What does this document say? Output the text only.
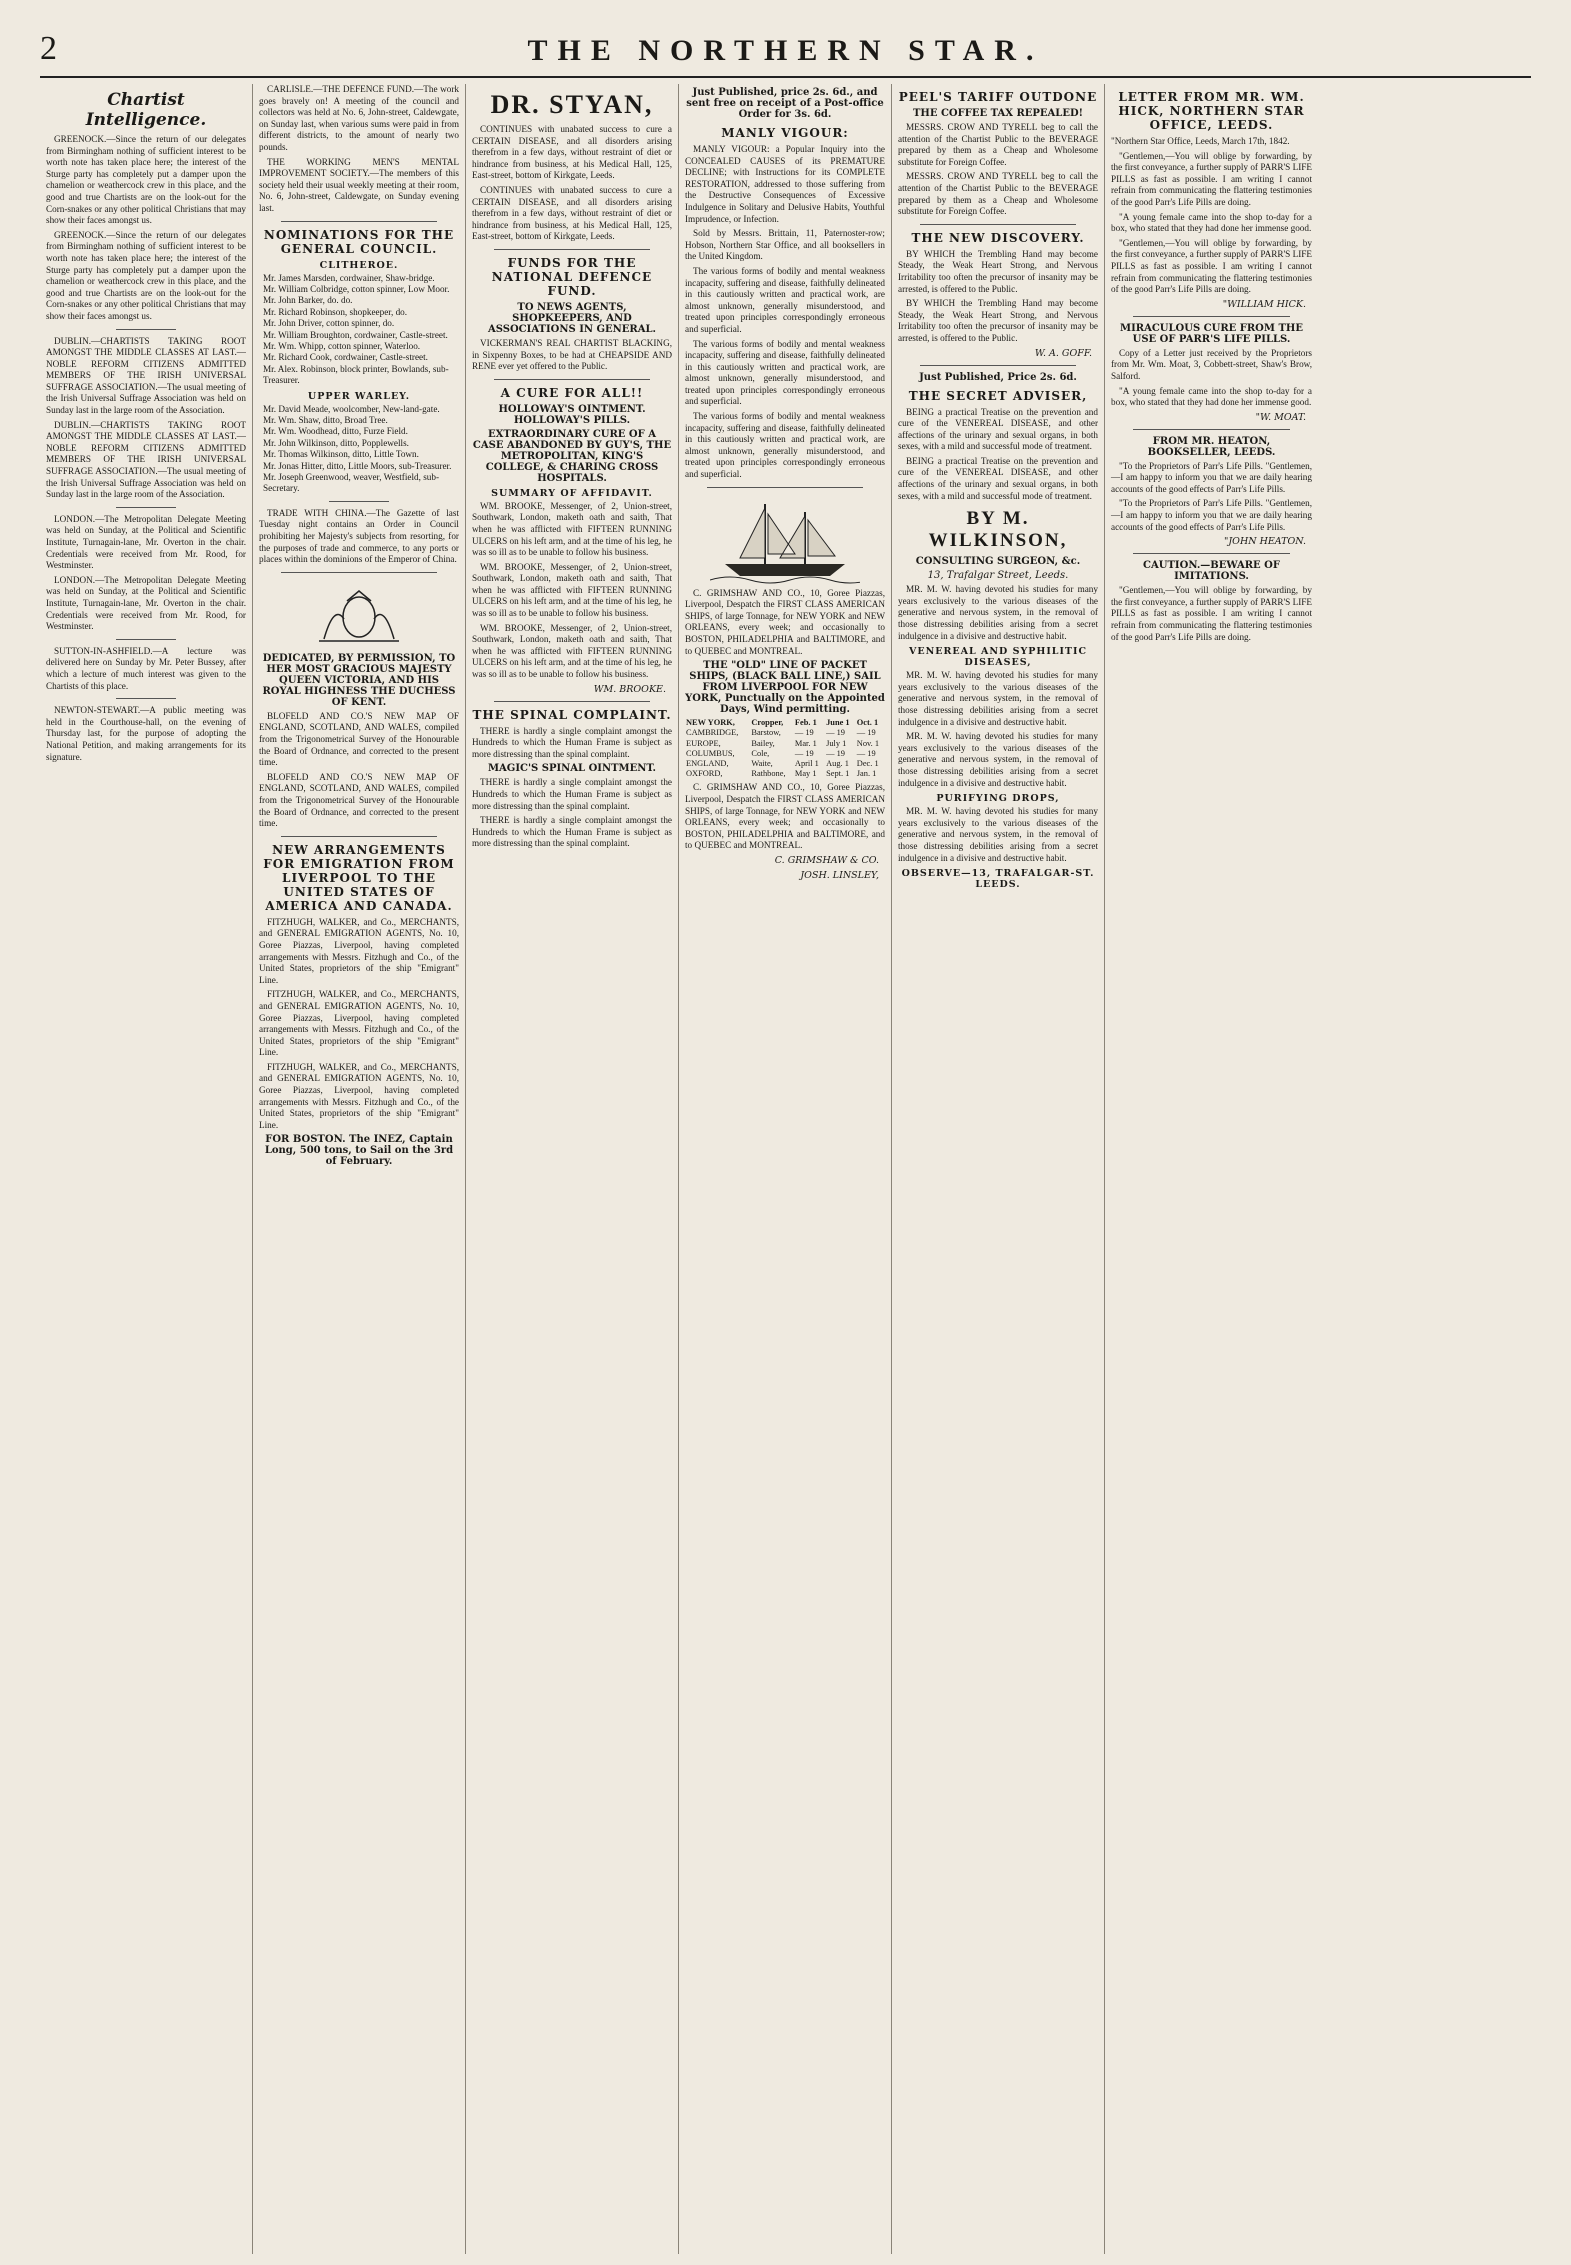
2	THE NORTHERN STAR.
Chartist Intelligence.

GREENOCK.—Since the return of our delegates from Birmingham nothing of sufficient interest to be worth note has taken place here; the interest of the Sturge party has completely put a damper upon the chamelion or weathercock crew in this place, and the good and true Chartists are on the look-out for the Corn-snakes or any other political Christians that may show their faces amongst us.

GREENOCK.—Since the return of our delegates from Birmingham nothing of sufficient interest to be worth note has taken place here; the interest of the Sturge party has completely put a damper upon the chamelion or weathercock crew in this place, and the good and true Chartists are on the look-out for the Corn-snakes or any other political Christians that may show their faces amongst us.

DUBLIN.—CHARTISTS TAKING ROOT AMONGST THE MIDDLE CLASSES AT LAST.—NOBLE REFORM CITIZENS ADMITTED MEMBERS OF THE IRISH UNIVERSAL SUFFRAGE ASSOCIATION.—The usual meeting of the Irish Universal Suffrage Association was held on Sunday last in the large room of the Association.

DUBLIN.—CHARTISTS TAKING ROOT AMONGST THE MIDDLE CLASSES AT LAST.—NOBLE REFORM CITIZENS ADMITTED MEMBERS OF THE IRISH UNIVERSAL SUFFRAGE ASSOCIATION.—The usual meeting of the Irish Universal Suffrage Association was held on Sunday last in the large room of the Association.

LONDON.—The Metropolitan Delegate Meeting was held on Sunday, at the Political and Scientific Institute, Turnagain-lane, Mr. Overton in the chair. Credentials were received from Mr. Rood, for Westminster.

LONDON.—The Metropolitan Delegate Meeting was held on Sunday, at the Political and Scientific Institute, Turnagain-lane, Mr. Overton in the chair. Credentials were received from Mr. Rood, for Westminster.

SUTTON-IN-ASHFIELD.—A lecture was delivered here on Sunday by Mr. Peter Bussey, after which a lecture of much interest was given to the Chartists of this place.

NEWTON-STEWART.—A public meeting was held in the Courthouse-hall, on the evening of Thursday last, for the purpose of adopting the National Petition, and making arrangements for its signature.

CARLISLE.—THE DEFENCE FUND.—The work goes bravely on! A meeting of the council and collectors was held at No. 6, John-street, Caldewgate, on Sunday last, when various sums were paid in from different districts, to the amount of nearly two pounds.

THE WORKING MEN'S MENTAL IMPROVEMENT SOCIETY.—The members of this society held their usual weekly meeting at their room, No. 6, John-street, Caldewgate, on Sunday evening last.

NOMINATIONS FOR THE GENERAL COUNCIL.
CLITHEROE.
Mr. James Marsden, cordwainer, Shaw-bridge.
Mr. William Colbridge, cotton spinner, Low Moor.
Mr. John Barker, do. do.
Mr. Richard Robinson, shopkeeper, do.
Mr. John Driver, cotton spinner, do.
Mr. William Broughton, cordwainer, Castle-street.
Mr. Wm. Whipp, cotton spinner, Waterloo.
Mr. Richard Cook, cordwainer, Castle-street.
Mr. Alex. Robinson, block printer, Bowlands, sub-Treasurer.
UPPER WARLEY.
Mr. David Meade, woolcomber, New-land-gate.
Mr. Wm. Shaw, ditto, Broad Tree.
Mr. Wm. Woodhead, ditto, Furze Field.
Mr. John Wilkinson, ditto, Popplewells.
Mr. Thomas Wilkinson, ditto, Little Town.
Mr. Jonas Hitter, ditto, Little Moors, sub-Treasurer.
Mr. Joseph Greenwood, weaver, Westfield, sub-Secretary.

TRADE WITH CHINA.—The Gazette of last Tuesday night contains an Order in Council prohibiting her Majesty's subjects from resorting, for the purposes of trade and commerce, to any ports or places within the dominions of the Emperor of China.

DEDICATED, BY PERMISSION, TO HER MOST GRACIOUS MAJESTY QUEEN VICTORIA, AND HIS ROYAL HIGHNESS THE DUCHESS OF KENT.

BLOFELD AND CO.'S NEW MAP OF ENGLAND, SCOTLAND, AND WALES, compiled from the Trigonometrical Survey of the Honourable the Board of Ordnance, and corrected to the present time.

BLOFELD AND CO.'S NEW MAP OF ENGLAND, SCOTLAND, AND WALES, compiled from the Trigonometrical Survey of the Honourable the Board of Ordnance, and corrected to the present time.

NEW ARRANGEMENTS FOR EMIGRATION FROM LIVERPOOL TO THE UNITED STATES OF AMERICA AND CANADA.

FITZHUGH, WALKER, and Co., MERCHANTS, and GENERAL EMIGRATION AGENTS, No. 10, Goree Piazzas, Liverpool, having completed arrangements with Messrs. Fitzhugh and Co., of the United States, proprietors of the ship "Emigrant" Line.

FITZHUGH, WALKER, and Co., MERCHANTS, and GENERAL EMIGRATION AGENTS, No. 10, Goree Piazzas, Liverpool, having completed arrangements with Messrs. Fitzhugh and Co., of the United States, proprietors of the ship "Emigrant" Line.

FITZHUGH, WALKER, and Co., MERCHANTS, and GENERAL EMIGRATION AGENTS, No. 10, Goree Piazzas, Liverpool, having completed arrangements with Messrs. Fitzhugh and Co., of the United States, proprietors of the ship "Emigrant" Line.

FOR BOSTON. The INEZ, Captain Long, 500 tons, to Sail on the 3rd of February.
DR. STYAN,

CONTINUES with unabated success to cure a CERTAIN DISEASE, and all disorders arising therefrom in a few days, without restraint of diet or hindrance from business, at his Medical Hall, 125, East-street, bottom of Kirkgate, Leeds.

CONTINUES with unabated success to cure a CERTAIN DISEASE, and all disorders arising therefrom in a few days, without restraint of diet or hindrance from business, at his Medical Hall, 125, East-street, bottom of Kirkgate, Leeds.

FUNDS FOR THE NATIONAL DEFENCE FUND.
TO NEWS AGENTS, SHOPKEEPERS, AND ASSOCIATIONS IN GENERAL.

VICKERMAN'S REAL CHARTIST BLACKING, in Sixpenny Boxes, to be had at CHEAPSIDE AND RENE ever yet offered to the Public.

A CURE FOR ALL!!
HOLLOWAY'S OINTMENT. HOLLOWAY'S PILLS.
EXTRAORDINARY CURE OF A CASE ABANDONED BY GUY'S, THE METROPOLITAN, KING'S COLLEGE, & CHARING CROSS HOSPITALS.
SUMMARY OF AFFIDAVIT.

WM. BROOKE, Messenger, of 2, Union-street, Southwark, London, maketh oath and saith, That when he was afflicted with FIFTEEN RUNNING ULCERS on his left arm, and at the time of his leg, he was so ill as to be unable to follow his business.

WM. BROOKE, Messenger, of 2, Union-street, Southwark, London, maketh oath and saith, That when he was afflicted with FIFTEEN RUNNING ULCERS on his left arm, and at the time of his leg, he was so ill as to be unable to follow his business.

WM. BROOKE, Messenger, of 2, Union-street, Southwark, London, maketh oath and saith, That when he was afflicted with FIFTEEN RUNNING ULCERS on his left arm, and at the time of his leg, he was so ill as to be unable to follow his business.

WM. BROOKE.
THE SPINAL COMPLAINT.

THERE is hardly a single complaint amongst the Hundreds to which the Human Frame is subject as more distressing than the spinal complaint.

MAGIC'S SPINAL OINTMENT.

THERE is hardly a single complaint amongst the Hundreds to which the Human Frame is subject as more distressing than the spinal complaint.

THERE is hardly a single complaint amongst the Hundreds to which the Human Frame is subject as more distressing than the spinal complaint.

Just Published, price 2s. 6d., and sent free on receipt of a Post-office Order for 3s. 6d.
MANLY VIGOUR:

MANLY VIGOUR: a Popular Inquiry into the CONCEALED CAUSES of its PREMATURE DECLINE; with Instructions for its COMPLETE RESTORATION, addressed to those suffering from the Destructive Consequences of Excessive Indulgence in Solitary and Delusive Habits, Youthful Imprudence, or Infection.

Sold by Messrs. Brittain, 11, Paternoster-row; Hobson, Northern Star Office, and all booksellers in the United Kingdom.

The various forms of bodily and mental weakness incapacity, suffering and disease, faithfully delineated in this cautiously written and practical work, are almost unknown, generally misunderstood, and treated upon principles correspondingly erroneous and superficial.

The various forms of bodily and mental weakness incapacity, suffering and disease, faithfully delineated in this cautiously written and practical work, are almost unknown, generally misunderstood, and treated upon principles correspondingly erroneous and superficial.

The various forms of bodily and mental weakness incapacity, suffering and disease, faithfully delineated in this cautiously written and practical work, are almost unknown, generally misunderstood, and treated upon principles correspondingly erroneous and superficial.

C. GRIMSHAW AND CO., 10, Goree Piazzas, Liverpool, Despatch the FIRST CLASS AMERICAN SHIPS, of large Tonnage, for NEW YORK and NEW ORLEANS, every week; and occasionally to BOSTON, PHILADELPHIA and BALTIMORE, and to QUEBEC and MONTREAL.

THE "OLD" LINE OF PACKET SHIPS, (BLACK BALL LINE,) SAIL FROM LIVERPOOL FOR NEW YORK, Punctually on the Appointed Days, Wind permitting.
NEW YORK,	Cropper,	Feb. 1	June 1	Oct. 1
CAMBRIDGE,	Barstow,	— 19	— 19	— 19
EUROPE,	Bailey,	Mar. 1	July 1	Nov. 1
COLUMBUS,	Cole,	— 19	— 19	— 19
ENGLAND,	Waite,	April 1	Aug. 1	Dec. 1
OXFORD,	Rathbone,	May 1	Sept. 1	Jan. 1

C. GRIMSHAW AND CO., 10, Goree Piazzas, Liverpool, Despatch the FIRST CLASS AMERICAN SHIPS, of large Tonnage, for NEW YORK and NEW ORLEANS, every week; and occasionally to BOSTON, PHILADELPHIA and BALTIMORE, and to QUEBEC and MONTREAL.

C. GRIMSHAW & CO.
JOSH. LINSLEY,
PEEL'S TARIFF OUTDONE
THE COFFEE TAX REPEALED!

MESSRS. CROW AND TYRELL beg to call the attention of the Chartist Public to the BEVERAGE prepared by them as a Cheap and Wholesome substitute for Foreign Coffee.

MESSRS. CROW AND TYRELL beg to call the attention of the Chartist Public to the BEVERAGE prepared by them as a Cheap and Wholesome substitute for Foreign Coffee.

THE NEW DISCOVERY.

BY WHICH the Trembling Hand may become Steady, the Weak Heart Strong, and Nervous Irritability too often the precursor of insanity may be arrested, is offered to the Public.

BY WHICH the Trembling Hand may become Steady, the Weak Heart Strong, and Nervous Irritability too often the precursor of insanity may be arrested, is offered to the Public.

W. A. GOFF.
Just Published, Price 2s. 6d.
THE SECRET ADVISER,

BEING a practical Treatise on the prevention and cure of the VENEREAL DISEASE, and other affections of the urinary and sexual organs, in both sexes, with a mild and successful mode of treatment.

BEING a practical Treatise on the prevention and cure of the VENEREAL DISEASE, and other affections of the urinary and sexual organs, in both sexes, with a mild and successful mode of treatment.

BY M. WILKINSON,
CONSULTING SURGEON, &c.
13, Trafalgar Street, Leeds.

MR. M. W. having devoted his studies for many years exclusively to the various diseases of the generative and nervous system, in the removal of those distressing debilities arising from a secret indulgence in a divisive and destructive habit.

VENEREAL AND SYPHILITIC DISEASES,

MR. M. W. having devoted his studies for many years exclusively to the various diseases of the generative and nervous system, in the removal of those distressing debilities arising from a secret indulgence in a divisive and destructive habit.

MR. M. W. having devoted his studies for many years exclusively to the various diseases of the generative and nervous system, in the removal of those distressing debilities arising from a secret indulgence in a divisive and destructive habit.

PURIFYING DROPS,

MR. M. W. having devoted his studies for many years exclusively to the various diseases of the generative and nervous system, in the removal of those distressing debilities arising from a secret indulgence in a divisive and destructive habit.

OBSERVE—13, TRAFALGAR-ST. LEEDS.
LETTER FROM MR. WM. HICK, NORTHERN STAR OFFICE, LEEDS.

"Northern Star Office, Leeds, March 17th, 1842.

"Gentlemen,—You will oblige by forwarding, by the first conveyance, a further supply of PARR'S LIFE PILLS as fast as possible. I am writing I cannot refrain from communicating the flattering testimonies of the good Parr's Life Pills are doing.

"A young female came into the shop to-day for a box, who stated that they had done her immense good.

"Gentlemen,—You will oblige by forwarding, by the first conveyance, a further supply of PARR'S LIFE PILLS as fast as possible. I am writing I cannot refrain from communicating the flattering testimonies of the good Parr's Life Pills are doing.

"WILLIAM HICK.
MIRACULOUS CURE FROM THE USE OF PARR'S LIFE PILLS.

Copy of a Letter just received by the Proprietors from Mr. Wm. Moat, 3, Cobbett-street, Shaw's Brow, Salford.

"A young female came into the shop to-day for a box, who stated that they had done her immense good.

"W. MOAT.
FROM MR. HEATON, BOOKSELLER, LEEDS.

"To the Proprietors of Parr's Life Pills. "Gentlemen,—I am happy to inform you that we are daily hearing accounts of the good effects of Parr's Life Pills.

"To the Proprietors of Parr's Life Pills. "Gentlemen,—I am happy to inform you that we are daily hearing accounts of the good effects of Parr's Life Pills.

"JOHN HEATON.
CAUTION.—BEWARE OF IMITATIONS.

"Gentlemen,—You will oblige by forwarding, by the first conveyance, a further supply of PARR'S LIFE PILLS as fast as possible. I am writing I cannot refrain from communicating the flattering testimonies of the good Parr's Life Pills are doing.
